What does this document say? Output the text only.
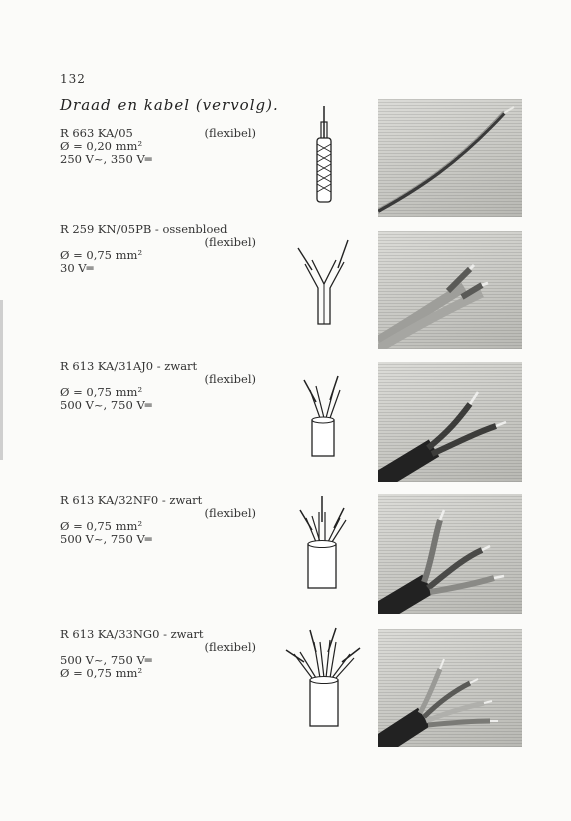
132
Draad en kabel (vervolg).
R 663 KA/05	(flexibel)
Ø = 0,20 mm²
250 V~, 350 V═
R 259 KN/05PB - ossenbloed
(flexibel)
Ø = 0,75 mm²
30 V═
R 613 KA/31AJ0 - zwart
(flexibel)
Ø = 0,75 mm²
500 V~, 750 V═
R 613 KA/32NF0 - zwart
(flexibel)
Ø = 0,75 mm²
500 V~, 750 V═
R 613 KA/33NG0 - zwart
(flexibel)
500 V~, 750 V═
Ø = 0,75 mm²
